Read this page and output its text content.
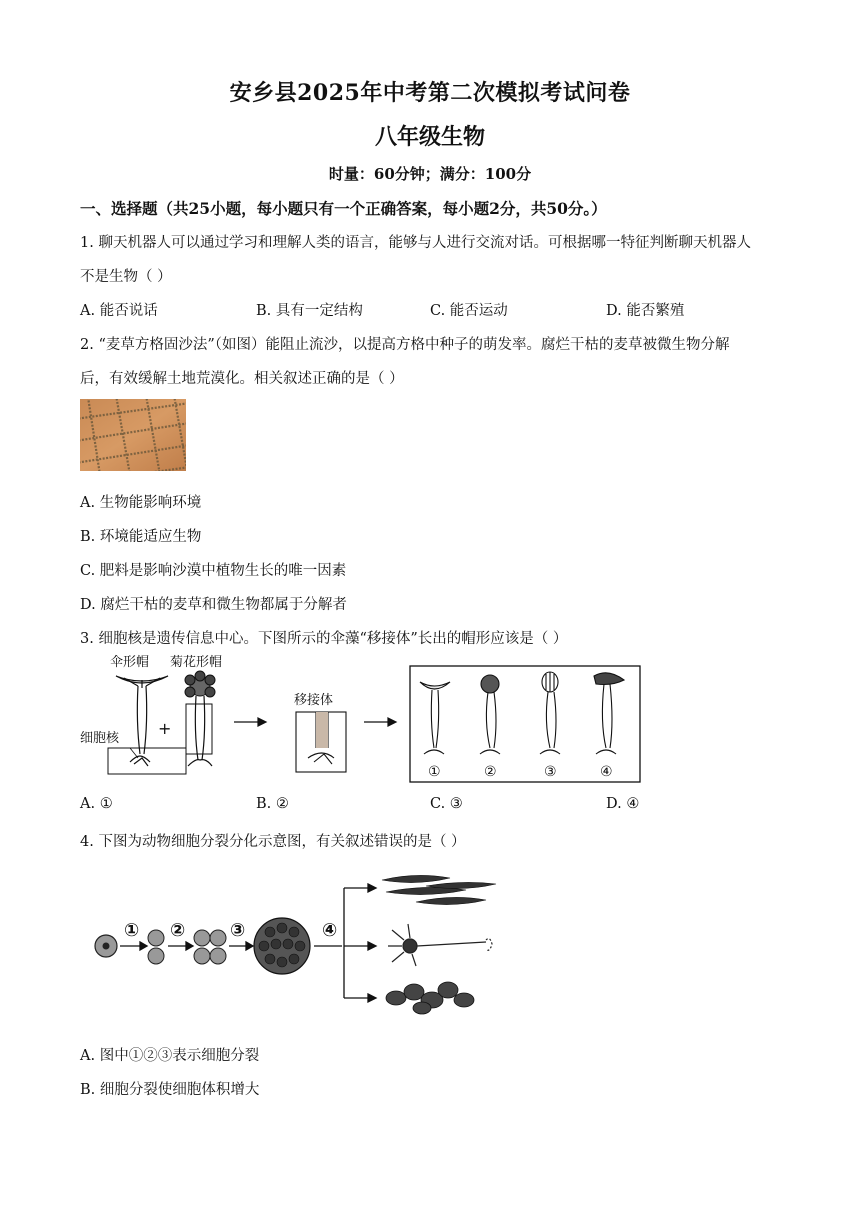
安乡县2025年中考第二次模拟考试问卷
八年级生物
时量：60分钟；满分：100分
一、选择题（共25小题，每小题只有一个正确答案，每小题2分，共50分。）
1. 聊天机器人可以通过学习和理解人类的语言，能够与人进行交流对话。可根据哪一特征判断聊天机器人
不是生物（ ）
A. 能否说话	B. 具有一定结构	C. 能否运动	D. 能否繁殖
2. “麦草方格固沙法”（如图）能阻止流沙，以提高方格中种子的萌发率。腐烂干枯的麦草被微生物分解
后，有效缓解土地荒漠化。相关叙述正确的是（ ）
A. 生物能影响环境
B. 环境能适应生物
C. 肥料是影响沙漠中植物生长的唯一因素
D. 腐烂干枯的麦草和微生物都属于分解者
3. 细胞核是遗传信息中心。下图所示的伞藻“移接体”长出的帽形应该是（ ）
伞形帽 菊花形帽
细胞核
移接体
+
①	②	③	④
A. ①	B. ②	C. ③	D. ④
4. 下图为动物细胞分裂分化示意图，有关叙述错误的是（ ）
① ② ③	④
A. 图中①②③表示细胞分裂
B. 细胞分裂使细胞体积增大
